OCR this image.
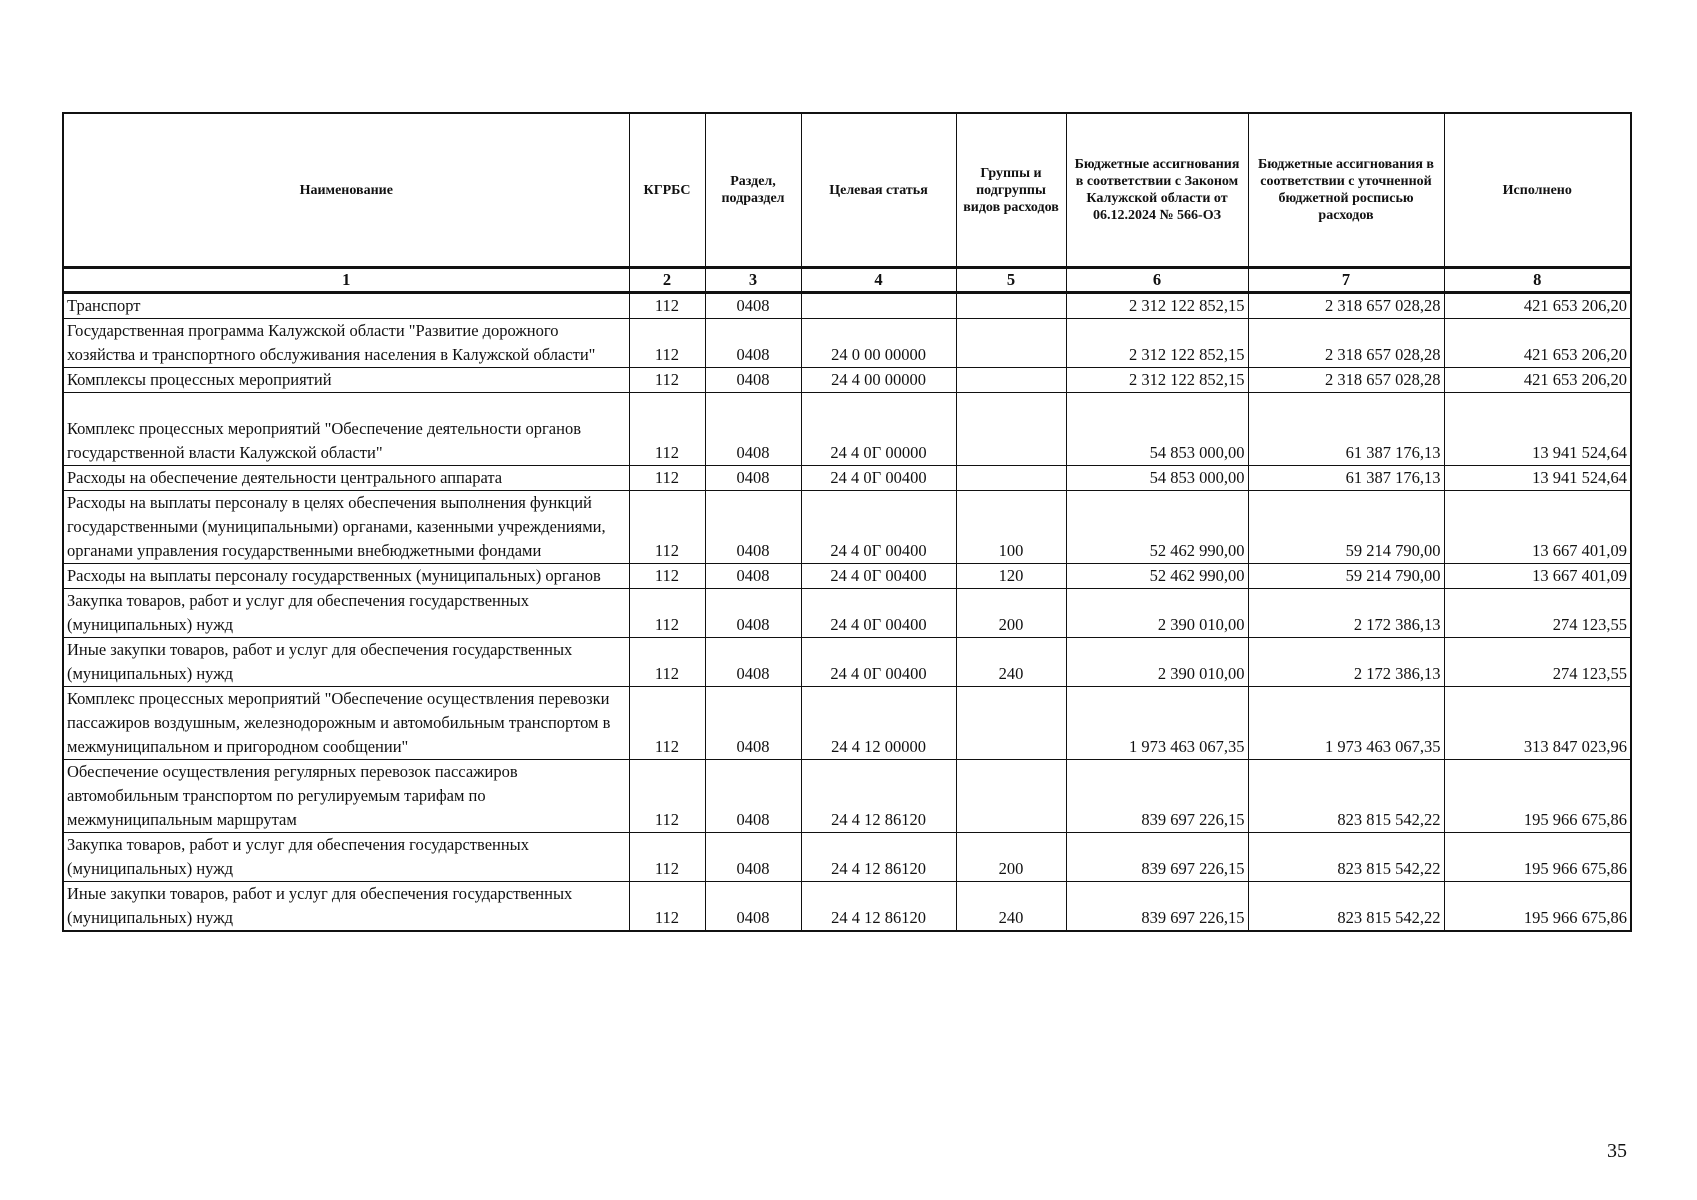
Наименование	КГРБС	Раздел, подраздел	Целевая статья	Группы и подгруппы видов расходов	Бюджетные ассигнования в соответствии с Законом Калужской области от 06.12.2024 № 566-ОЗ	Бюджетные ассигнования в соответствии с уточненной бюджетной росписью расходов	Исполнено
1	2	3	4	5	6	7	8
Транспорт	112	0408			2 312 122 852,15	2 318 657 028,28	421 653 206,20
Государственная программа Калужской области "Развитие дорожного хозяйства и транспортного обслуживания населения в Калужской области"	112	0408	24 0 00 00000		2 312 122 852,15	2 318 657 028,28	421 653 206,20
Комплексы процессных мероприятий	112	0408	24 4 00 00000		2 312 122 852,15	2 318 657 028,28	421 653 206,20
Комплекс процессных мероприятий "Обеспечение деятельности органов государственной власти Калужской области"	112	0408	24 4 0Г 00000		54 853 000,00	61 387 176,13	13 941 524,64
Расходы на обеспечение деятельности центрального аппарата	112	0408	24 4 0Г 00400		54 853 000,00	61 387 176,13	13 941 524,64
Расходы на выплаты персоналу в целях обеспечения выполнения функций государственными (муниципальными) органами, казенными учреждениями, органами управления государственными внебюджетными фондами	112	0408	24 4 0Г 00400	100	52 462 990,00	59 214 790,00	13 667 401,09
Расходы на выплаты персоналу государственных (муниципальных) органов	112	0408	24 4 0Г 00400	120	52 462 990,00	59 214 790,00	13 667 401,09
Закупка товаров, работ и услуг для обеспечения государственных (муниципальных) нужд	112	0408	24 4 0Г 00400	200	2 390 010,00	2 172 386,13	274 123,55
Иные закупки товаров, работ и услуг для обеспечения государственных (муниципальных) нужд	112	0408	24 4 0Г 00400	240	2 390 010,00	2 172 386,13	274 123,55
Комплекс процессных мероприятий "Обеспечение осуществления перевозки пассажиров воздушным, железнодорожным и автомобильным транспортом в межмуниципальном и пригородном сообщении"	112	0408	24 4 12 00000		1 973 463 067,35	1 973 463 067,35	313 847 023,96
Обеспечение осуществления регулярных перевозок пассажиров автомобильным транспортом по регулируемым тарифам по межмуниципальным маршрутам	112	0408	24 4 12 86120		839 697 226,15	823 815 542,22	195 966 675,86
Закупка товаров, работ и услуг для обеспечения государственных (муниципальных) нужд	112	0408	24 4 12 86120	200	839 697 226,15	823 815 542,22	195 966 675,86
Иные закупки товаров, работ и услуг для обеспечения государственных (муниципальных) нужд	112	0408	24 4 12 86120	240	839 697 226,15	823 815 542,22	195 966 675,86
35
